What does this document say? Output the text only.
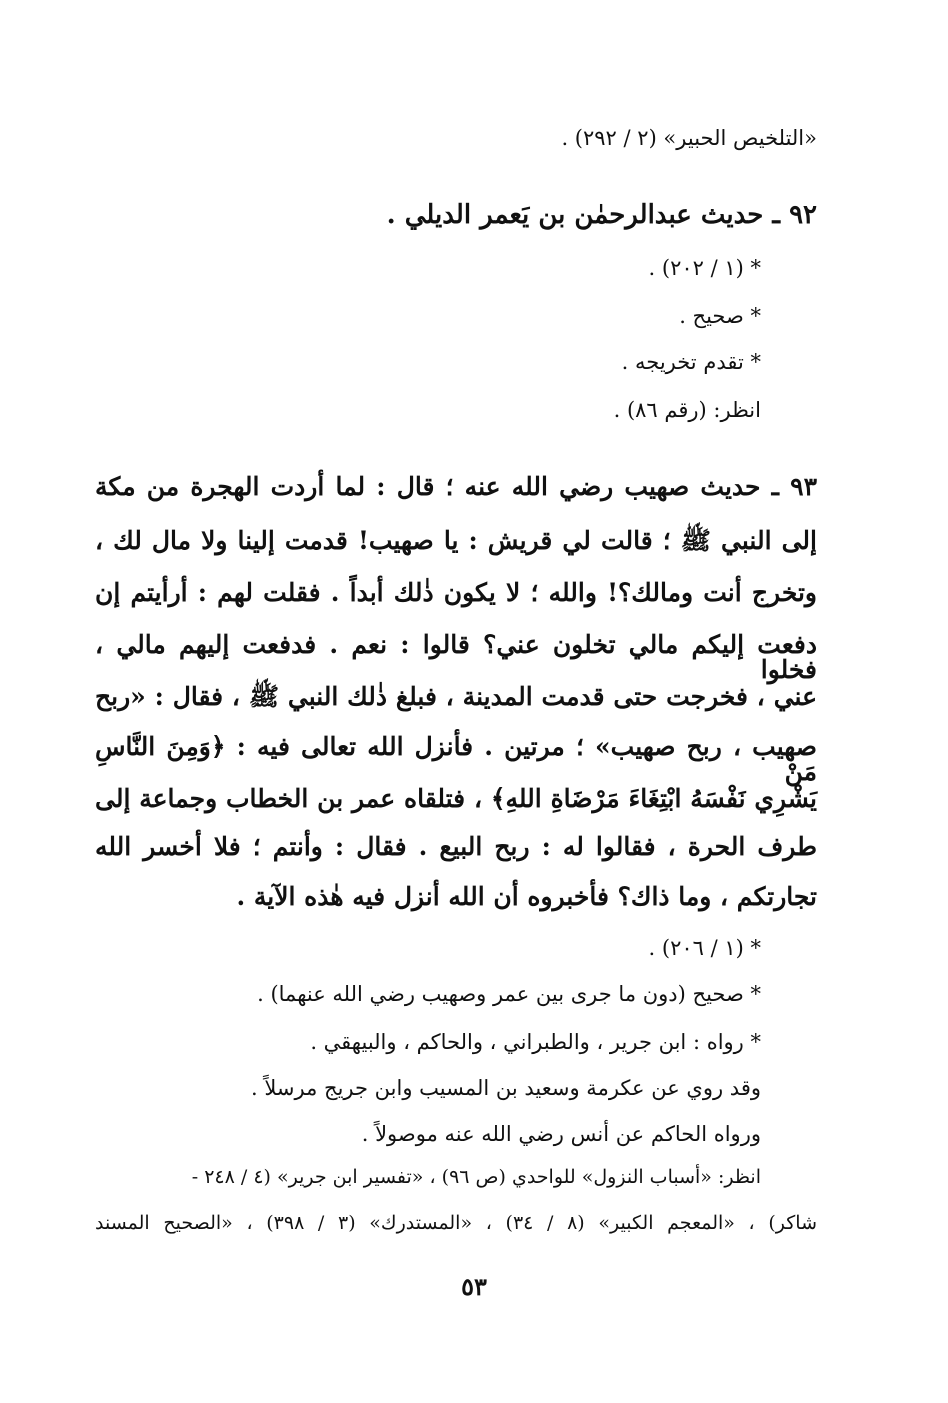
«التلخيص الحبير» (٢ / ٢٩٢) .
٩٢ ـ حديث عبدالرحمٰن بن يَعمر الديلي .
* (١ / ٢٠٢) .
* صحيح .
* تقدم تخريجه .
انظر: (رقم ٨٦) .
٩٣ ـ حديث صهيب رضي الله عنه ؛ قال : لما أردت الهجرة من مكة
إلى النبي ﷺ ؛ قالت لي قريش : يا صهيب! قدمت إلينا ولا مال لك ،
وتخرج أنت ومالك؟! والله ؛ لا يكون ذٰلك أبداً . فقلت لهم : أرأيتم إن
دفعت إليكم مالي تخلون عني؟ قالوا : نعم . فدفعت إليهم مالي ، فخلوا
عني ، فخرجت حتى قدمت المدينة ، فبلغ ذٰلك النبي ﷺ ، فقال : «ربح
صهيب ، ربح صهيب» ؛ مرتين . فأنزل الله تعالى فيه : ﴿وَمِنَ النَّاسِ مَنْ
يَشْرِي نَفْسَهُ ابْتِغَاءَ مَرْضَاةِ اللهِ﴾ ، فتلقاه عمر بن الخطاب وجماعة إلى
طرف الحرة ، فقالوا له : ربح البيع . فقال : وأنتم ؛ فلا أخسر الله
تجارتكم ، وما ذاك؟ فأخبروه أن الله أنزل فيه هٰذه الآية .
* (١ / ٢٠٦) .
* صحيح (دون ما جرى بين عمر وصهيب رضي الله عنهما) .
* رواه : ابن جرير ، والطبراني ، والحاكم ، والبيهقي .
وقد روي عن عكرمة وسعيد بن المسيب وابن جريج مرسلاً .
ورواه الحاكم عن أنس رضي الله عنه موصولاً .
انظر: «أسباب النزول» للواحدي (ص ٩٦) ، «تفسير ابن جرير» (٤ / ٢٤٨ -
شاكر) ، «المعجم الكبير» (٨ / ٣٤) ، «المستدرك» (٣ / ٣٩٨) ، «الصحيح المسند
٥٣
